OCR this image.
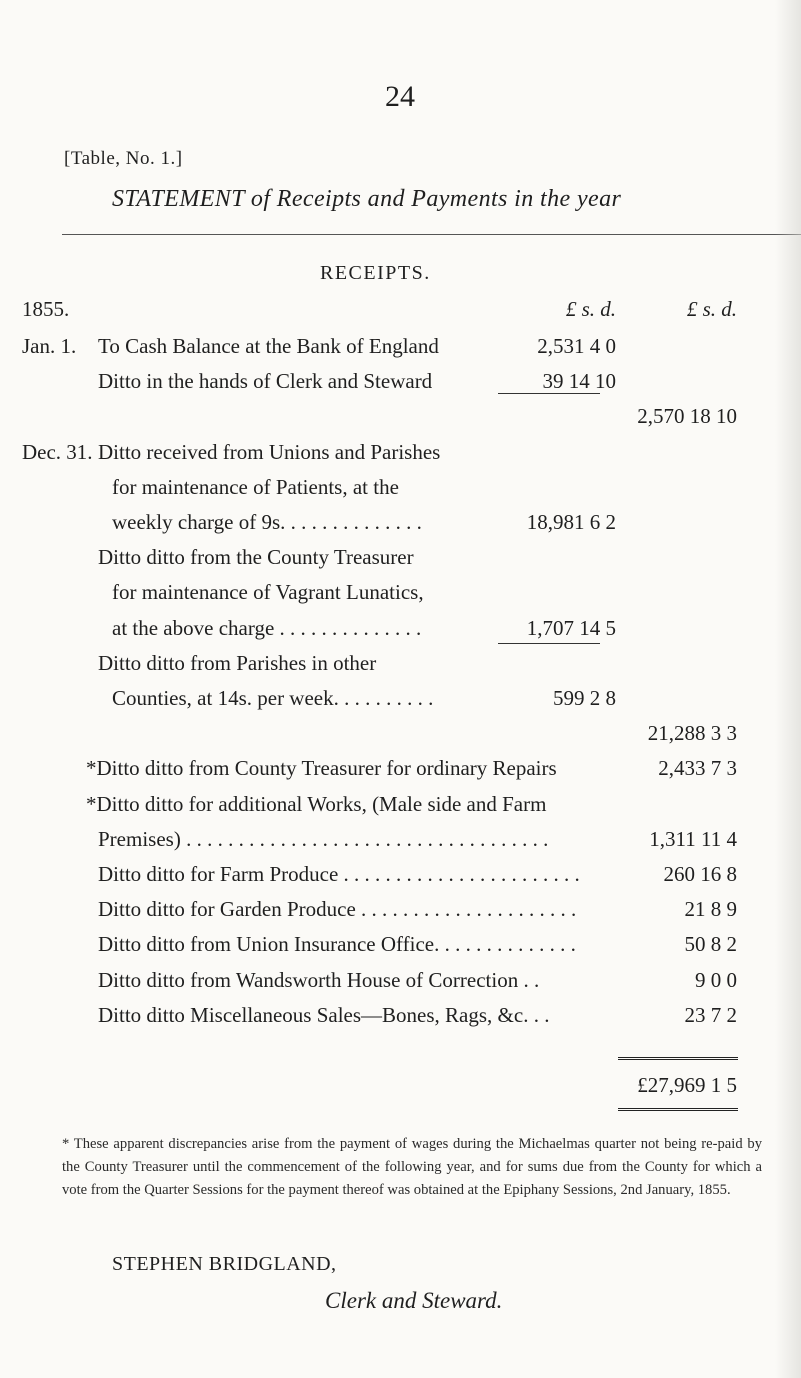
24
[Table, No. 1.]
STATEMENT of Receipts and Payments in the year
RECEIPTS.
1855.	£ s. d.	£ s. d.
Jan. 1. To Cash Balance at the Bank of England	2,531 4 0
Ditto in the hands of Clerk and Steward	39 14 10
2,570 18 10
Dec. 31. Ditto received from Unions and Parishes
for maintenance of Patients, at the
weekly charge of 9s. . . . . . . . . . . . . .	18,981 6 2
Ditto ditto from the County Treasurer
for maintenance of Vagrant Lunatics,
at the above charge . . . . . . . . . . . . . .	1,707 14 5
Ditto ditto from Parishes in other
Counties, at 14s. per week. . . . . . . . . .	599 2 8
21,288 3 3
*Ditto ditto from County Treasurer for ordinary Repairs	2,433 7 3
*Ditto ditto for additional Works, (Male side and Farm
Premises) . . . . . . . . . . . . . . . . . . . . . . . . . . . . . . . . . . .	1,311 11 4
Ditto ditto for Farm Produce . . . . . . . . . . . . . . . . . . . . . . .	260 16 8
Ditto ditto for Garden Produce . . . . . . . . . . . . . . . . . . . . .	21 8 9
Ditto ditto from Union Insurance Office. . . . . . . . . . . . . .	50 8 2
Ditto ditto from Wandsworth House of Correction . .	9 0 0
Ditto ditto Miscellaneous Sales—Bones, Rags, &c. . .	23 7 2
£27,969 1 5
* These apparent discrepancies arise from the payment of wages during the Michaelmas quarter not being re-paid by the County Treasurer until the commencement of the following year, and for sums due from the County for which a vote from the Quarter Sessions for the payment thereof was obtained at the Epiphany Sessions, 2nd January, 1855.
STEPHEN BRIDGLAND,
Clerk and Steward.
